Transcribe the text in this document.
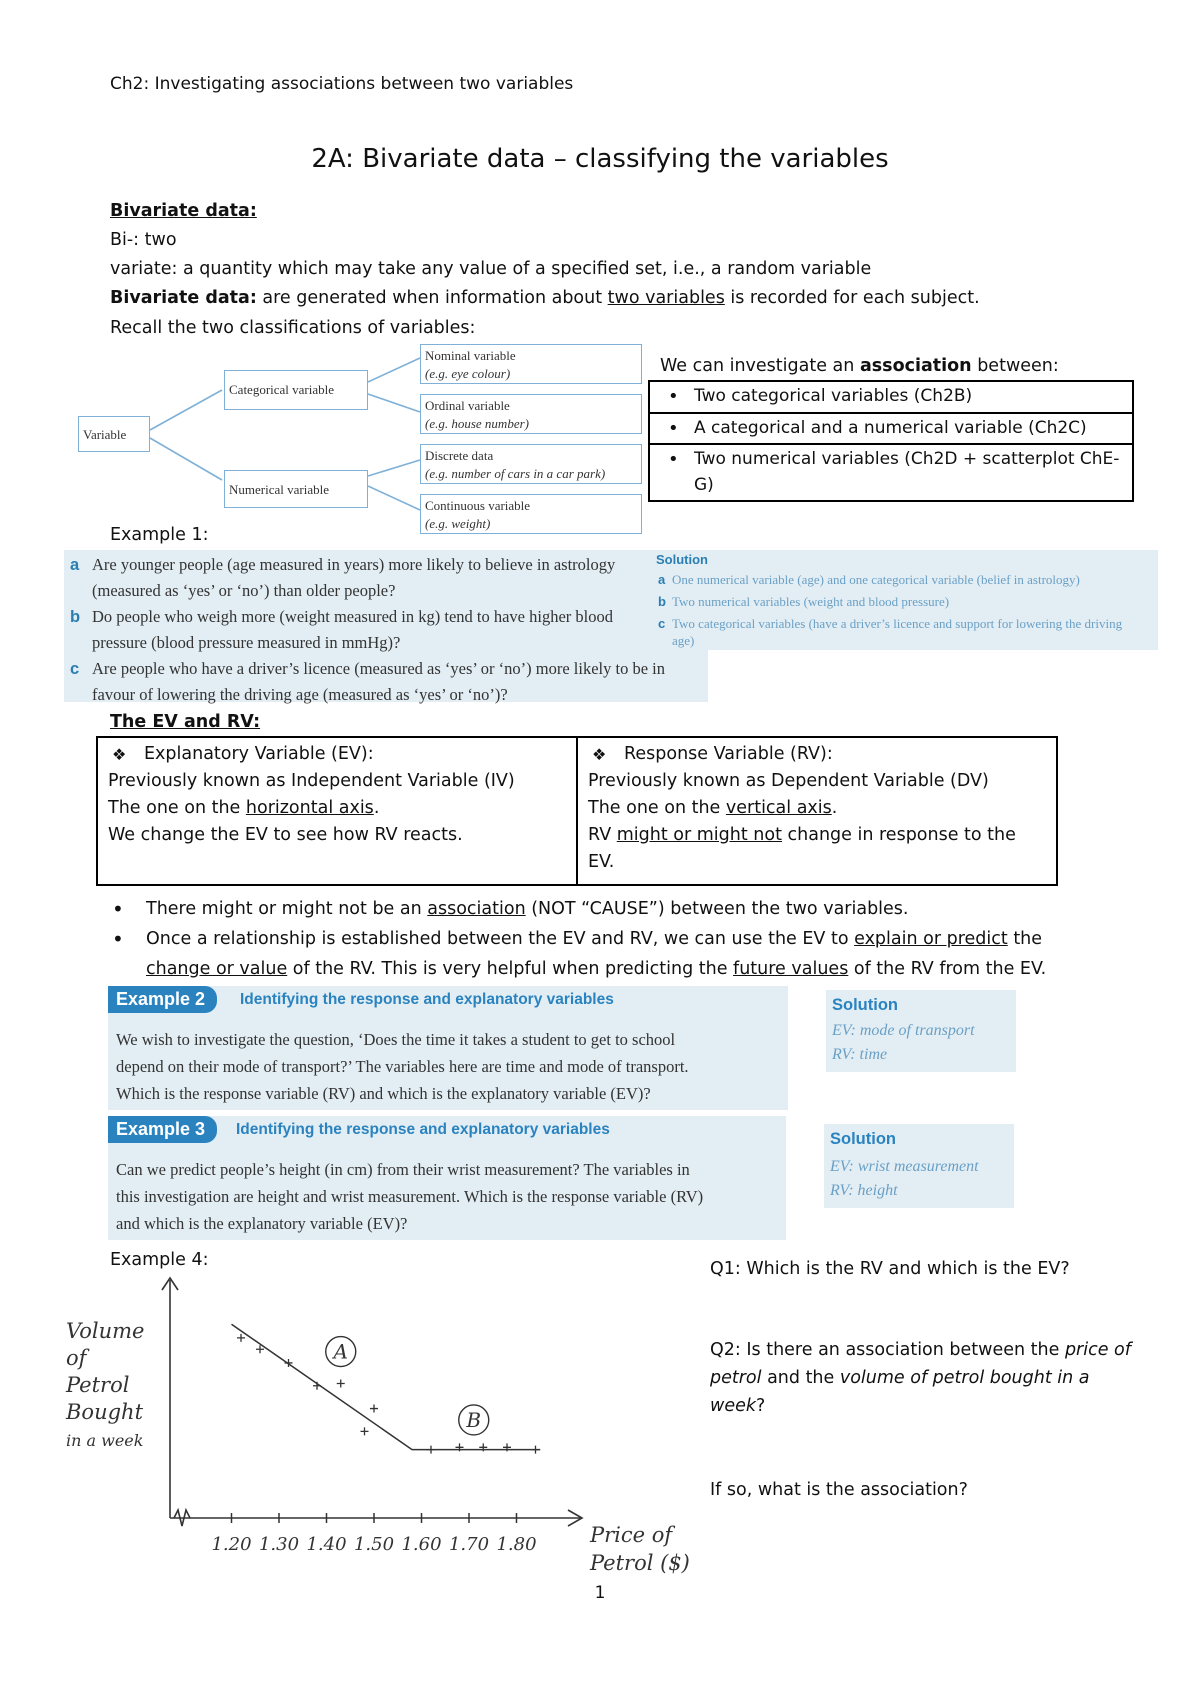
Ch2: Investigating associations between two variables
2A: Bivariate data – classifying the variables
Bivariate data:
Bi-: two
variate: a quantity which may take any value of a specified set, i.e., a random variable
Bivariate data: are generated when information about two variables is recorded for each subject.
Recall the two classifications of variables:
Variable
Categorical variable
Numerical variable
Nominal variable
(e.g. eye colour)
Ordinal variable
(e.g. house number)
Discrete data
(e.g. number of cars in a car park)
Continuous variable
(e.g. weight)
We can investigate an association between:
• Two categorical variables (Ch2B)
• A categorical and a numerical variable (Ch2C)
• Two numerical variables (Ch2D + scatterplot ChE-G)
Example 1:
a Are younger people (age measured in years) more likely to believe in astrology
(measured as ‘yes’ or ‘no’) than older people?
b Do people who weigh more (weight measured in kg) tend to have higher blood
pressure (blood pressure measured in mmHg)?
c Are people who have a driver’s licence (measured as ‘yes’ or ‘no’) more likely to be in
favour of lowering the driving age (measured as ‘yes’ or ‘no’)?
Solution
a One numerical variable (age) and one categorical variable (belief in astrology)
b Two numerical variables (weight and blood pressure)
c Two categorical variables (have a driver’s licence and support for lowering the driving
age)
The EV and RV:
❖ Explanatory Variable (EV):
Previously known as Independent Variable (IV)
The one on the horizontal axis.
We change the EV to see how RV reacts.

❖ Response Variable (RV):
Previously known as Dependent Variable (DV)
The one on the vertical axis.
RV might or might not change in response to the EV.
• There might or might not be an association (NOT “CAUSE”) between the two variables.
• Once a relationship is established between the EV and RV, we can use the EV to explain or predict the
change or value of the RV. This is very helpful when predicting the future values of the RV from the EV.
Example 2	Identifying the response and explanatory variables
We wish to investigate the question, ‘Does the time it takes a student to get to school
depend on their mode of transport?’ The variables here are time and mode of transport.
Which is the response variable (RV) and which is the explanatory variable (EV)?
Solution
EV: mode of transport
RV: time
Example 3	Identifying the response and explanatory variables
Can we predict people’s height (in cm) from their wrist measurement? The variables in
this investigation are height and wrist measurement. Which is the response variable (RV)
and which is the explanatory variable (EV)?
Solution
EV: wrist measurement
RV: height
Example 4:
1.20 1.30 1.40 1.50 1.60 1.70 1.80
A
B
Volume
of
Petrol
Bought
in a week
Price of
Petrol ($)
Q1: Which is the RV and which is the EV?
Q2: Is there an association between the price of petrol and the volume of petrol bought in a week?
If so, what is the association?
1
